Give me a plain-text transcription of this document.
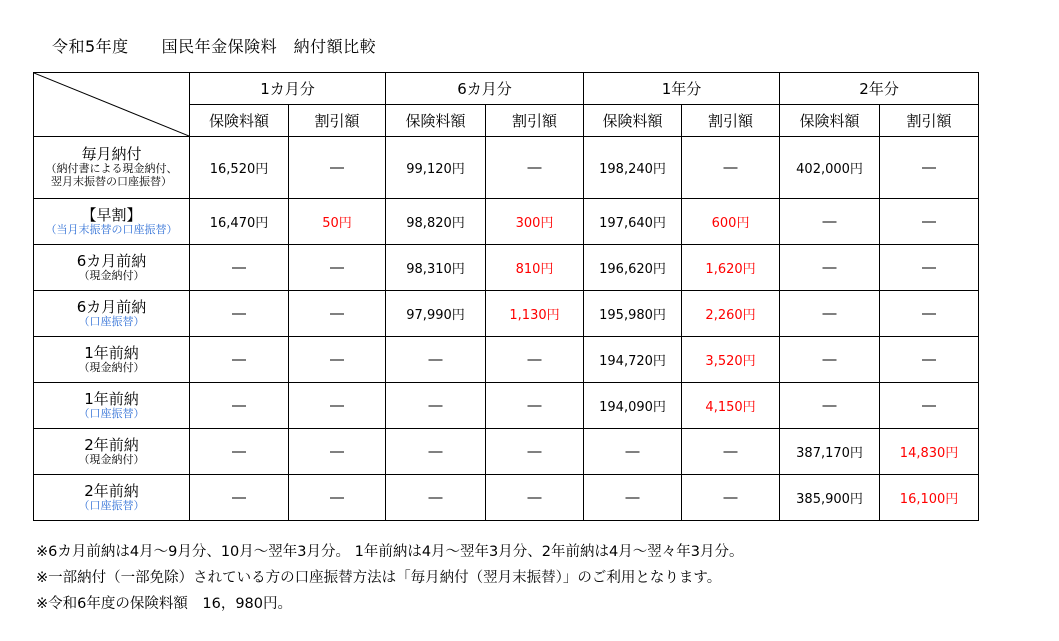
令和5年度　　国民年金保険料　納付額比較
	1カ月分		6カ月分		1年分		2年分	
	保険料額	割引額	保険料額	割引額	保険料額	割引額	保険料額	割引額

毎月納付
（納付書による現金納付、
翌月末振替の口座振替）	16,520円	―	99,120円	―	198,240円	―	402,000円	―

【早割】
（当月末振替の口座振替）	16,470円	50円	98,820円	300円	197,640円	600円	―	―

6カ月前納
（現金納付）	―	―	98,310円	810円	196,620円	1,620円	―	―

6カ月前納
（口座振替）	―	―	97,990円	1,130円	195,980円	2,260円	―	―

1年前納
（現金納付）	―	―	―	―	194,720円	3,520円	―	―

1年前納
（口座振替）	―	―	―	―	194,090円	4,150円	―	―

2年前納
（現金納付）	―	―	―	―	―	―	387,170円	14,830円

2年前納
（口座振替）	―	―	―	―	―	―	385,900円	16,100円
※6カ月前納は4月～9月分、10月～翌年3月分。 1年前納は4月～翌年3月分、2年前納は4月～翌々年3月分。
※一部納付（一部免除）されている方の口座振替方法は「毎月納付（翌月末振替）」のご利用となります。
※令和6年度の保険料額　16，980円。
